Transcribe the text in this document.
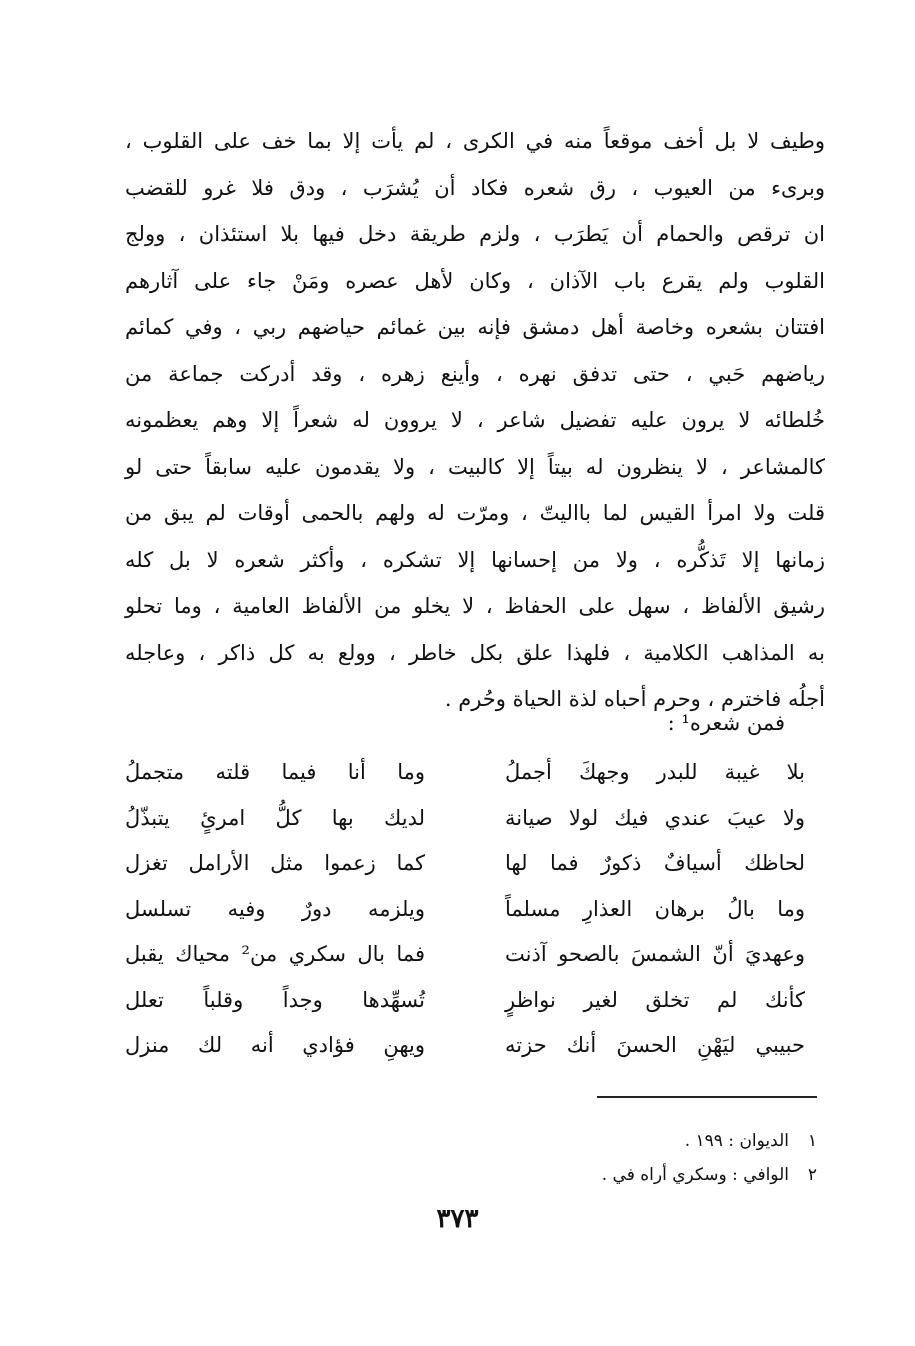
وطيف لا بل أخف موقعاً منه في الكرى ، لم يأت إلا بما خف على القلوب ،
وبرىء من العيوب ، رق شعره فكاد أن يُشرَب ، ودق فلا غرو للقضب
ان ترقص والحمام أن يَطرَب ، ولزم طريقة دخل فيها بلا استئذان ، وولج
القلوب ولم يقرع باب الآذان ، وكان لأهل عصره ومَنْ جاء على آثارهم
افتتان بشعره وخاصة أهل دمشق فإنه بين غمائم حياضهم ربي ، وفي كمائم
رياضهم حَبي ، حتى تدفق نهره ، وأينع زهره ، وقد أدركت جماعة من
خُلطائه لا يرون عليه تفضيل شاعر ، لا يروون له شعراً إلا وهم يعظمونه
كالمشاعر ، لا ينظرون له بيتاً إلا كالبيت ، ولا يقدمون عليه سابقاً حتى لو
قلت ولا امرأ القيس لما بااليتّ ، ومرّت له ولهم بالحمى أوقات لم يبق من
زمانها إلا تَذكُّره ، ولا من إحسانها إلا تشكره ، وأكثر شعره لا بل كله
رشيق الألفاظ ، سهل على الحفاظ ، لا يخلو من الألفاظ العامية ، وما تحلو
به المذاهب الكلامية ، فلهذا علق بكل خاطر ، وولع به كل ذاكر ، وعاجله
أجلُه فاخترم ، وحرم أحباه لذة الحياة وحُرم .
فمن شعره¹ :
بلا غيبة للبدر وجهكَ أجملُ
وما أنا فيما قلته متجملُ
ولا عيبَ عندي فيك لولا صيانة
لديك بها كلُّ امرئٍ يتبذّلُ
لحاظك أسيافٌ ذكورٌ فما لها
كما زعموا مثل الأرامل تغزل
وما بالُ برهان العذارِ مسلماً
ويلزمه دورٌ وفيه تسلسل
وعهديَ أنّ الشمسَ بالصحو آذنت
فما بال سكري من² محياك يقبل
كأنك لم تخلق لغير نواظرٍ
تُسهِّدها وجداً وقلباً تعلل
حبيبي ليَهْنِ الحسنَ أنك حزته
ويهنِ فؤادي أنه لك منزل
١الديوان : ١٩٩ .
٢الوافي : وسكري أراه في .
٣٧٣
